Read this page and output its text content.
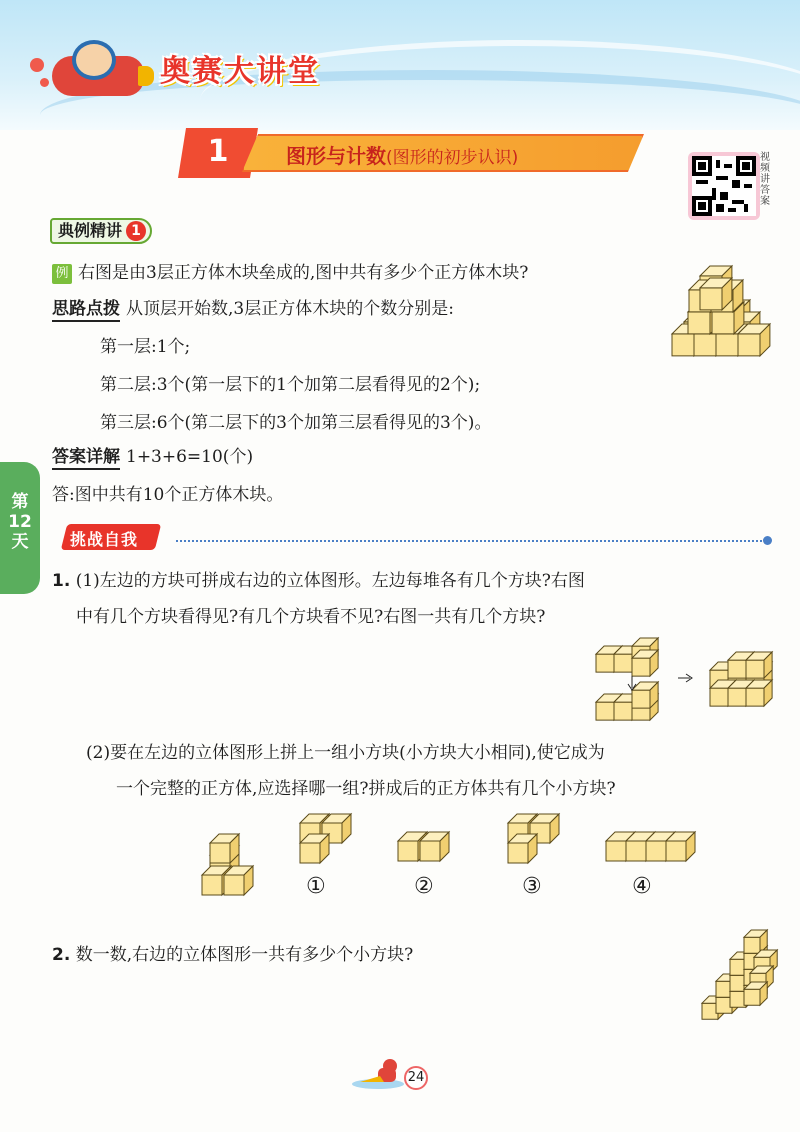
奥赛大讲堂
1	图形与计数(图形的初步认识)	视频讲答案
典例精讲 1
例 右图是由3层正方体木块垒成的,图中共有多少个正方体木块?
思路点拨 从顶层开始数,3层正方体木块的个数分别是:
第一层:1个;
第二层:3个(第一层下的1个加第二层看得见的2个);
第三层:6个(第二层下的3个加第三层看得见的3个)。
答案详解 1+3+6=10(个)
答:图中共有10个正方体木块。
第
12
天	挑战自我
1. (1)左边的方块可拼成右边的立体图形。左边每堆各有几个方块?右图
中有几个方块看得见?有几个方块看不见?右图一共有几个方块?
(2)要在左边的立体图形上拼上一组小方块(小方块大小相同),使它成为
一个完整的正方体,应选择哪一组?拼成后的正方体共有几个小方块?
①	②	③	④
2. 数一数,右边的立体图形一共有多少个小方块?
24
